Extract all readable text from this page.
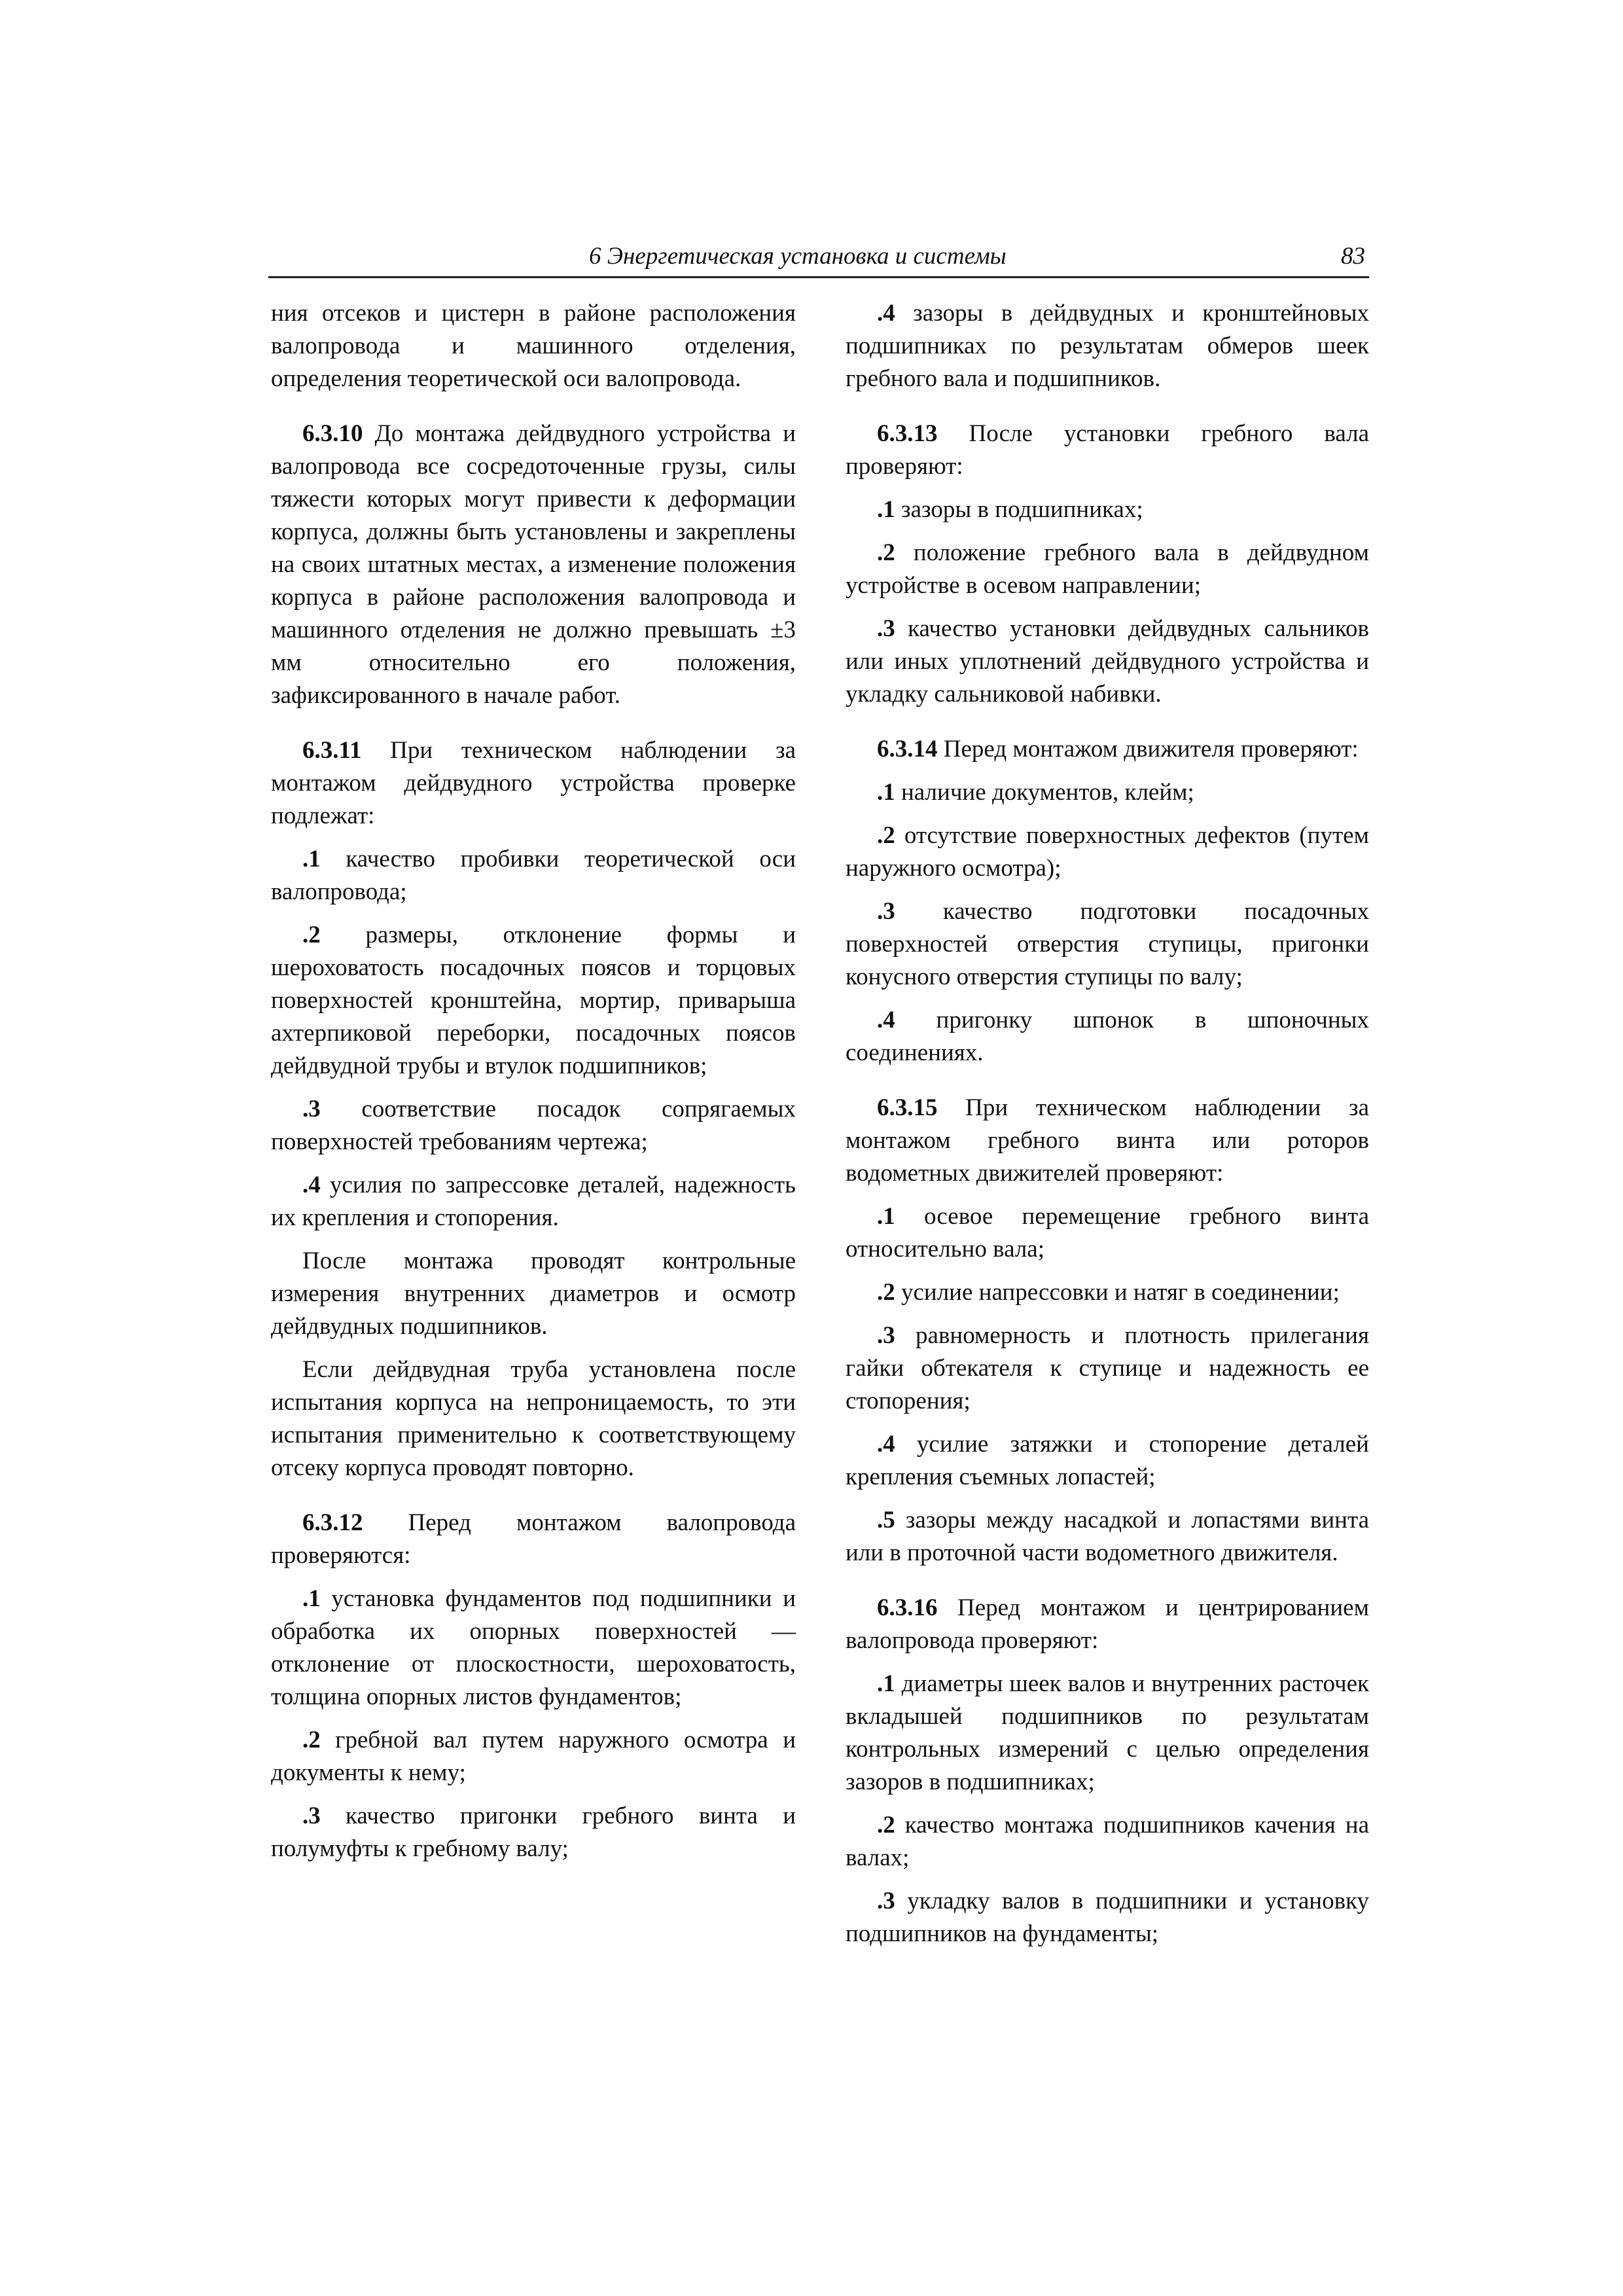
6 Энергетическая установка и системы	83

ния отсеков и цистерн в районе расположения валопровода и машинного отделения, определения теоретической оси валопровода.

6.3.10 До монтажа дейдвудного устройства и валопровода все сосредоточенные грузы, силы тяжести которых могут привести к деформации корпуса, должны быть установлены и закреплены на своих штатных местах, а изменение положения корпуса в районе расположения валопровода и машинного отделения не должно превышать ±3 мм относительно его положения, зафиксированного в начале работ.

6.3.11 При техническом наблюдении за монтажом дейдвудного устройства проверке подлежат:

.1 качество пробивки теоретической оси валопровода;

.2 размеры, отклонение формы и шероховатость посадочных поясов и торцовых поверхностей кронштейна, мортир, приварыша ахтерпиковой переборки, посадочных поясов дейдвудной трубы и втулок подшипников;

.3 соответствие посадок сопрягаемых поверхностей требованиям чертежа;

.4 усилия по запрессовке деталей, надежность их крепления и стопорения.

После монтажа проводят контрольные измерения внутренних диаметров и осмотр дейдвудных подшипников.

Если дейдвудная труба установлена после испытания корпуса на непроницаемость, то эти испытания применительно к соответствующему отсеку корпуса проводят повторно.

6.3.12 Перед монтажом валопровода проверяются:

.1 установка фундаментов под подшипники и обработка их опорных поверхностей — отклонение от плоскостности, шероховатость, толщина опорных листов фундаментов;

.2 гребной вал путем наружного осмотра и документы к нему;

.3 качество пригонки гребного винта и полумуфты к гребному валу;

.4 зазоры в дейдвудных и кронштейновых подшипниках по результатам обмеров шеек гребного вала и подшипников.

6.3.13 После установки гребного вала проверяют:

.1 зазоры в подшипниках;

.2 положение гребного вала в дейдвудном устройстве в осевом направлении;

.3 качество установки дейдвудных сальников или иных уплотнений дейдвудного устройства и укладку сальниковой набивки.

6.3.14 Перед монтажом движителя проверяют:

.1 наличие документов, клейм;

.2 отсутствие поверхностных дефектов (путем наружного осмотра);

.3 качество подготовки посадочных поверхностей отверстия ступицы, пригонки конусного отверстия ступицы по валу;

.4 пригонку шпонок в шпоночных соединениях.

6.3.15 При техническом наблюдении за монтажом гребного винта или роторов водометных движителей проверяют:

.1 осевое перемещение гребного винта относительно вала;

.2 усилие напрессовки и натяг в соединении;

.3 равномерность и плотность прилегания гайки обтекателя к ступице и надежность ее стопорения;

.4 усилие затяжки и стопорение деталей крепления съемных лопастей;

.5 зазоры между насадкой и лопастями винта или в проточной части водометного движителя.

6.3.16 Перед монтажом и центрированием валопровода проверяют:

.1 диаметры шеек валов и внутренних расточек вкладышей подшипников по результатам контрольных измерений с целью определения зазоров в подшипниках;

.2 качество монтажа подшипников качения на валах;

.3 укладку валов в подшипники и установку подшипников на фундаменты;
